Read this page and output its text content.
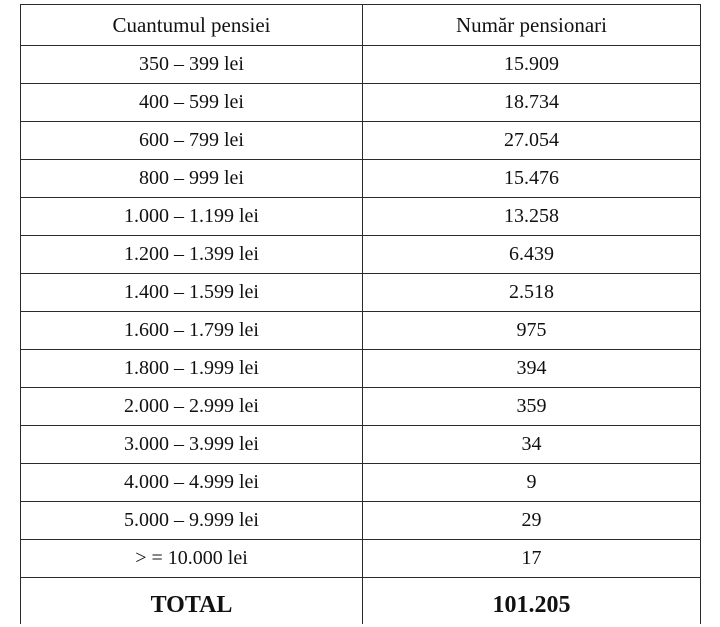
Cuantumul pensiei	Număr pensionari
350 – 399 lei	15.909
400 – 599 lei	18.734
600 – 799 lei	27.054
800 – 999 lei	15.476
1.000 – 1.199 lei	13.258
1.200 – 1.399 lei	6.439
1.400 – 1.599 lei	2.518
1.600 – 1.799 lei	975
1.800 – 1.999 lei	394
2.000 – 2.999 lei	359
3.000 – 3.999 lei	34
4.000 – 4.999 lei	9
5.000 – 9.999 lei	29
> = 10.000 lei	17
TOTAL	101.205
